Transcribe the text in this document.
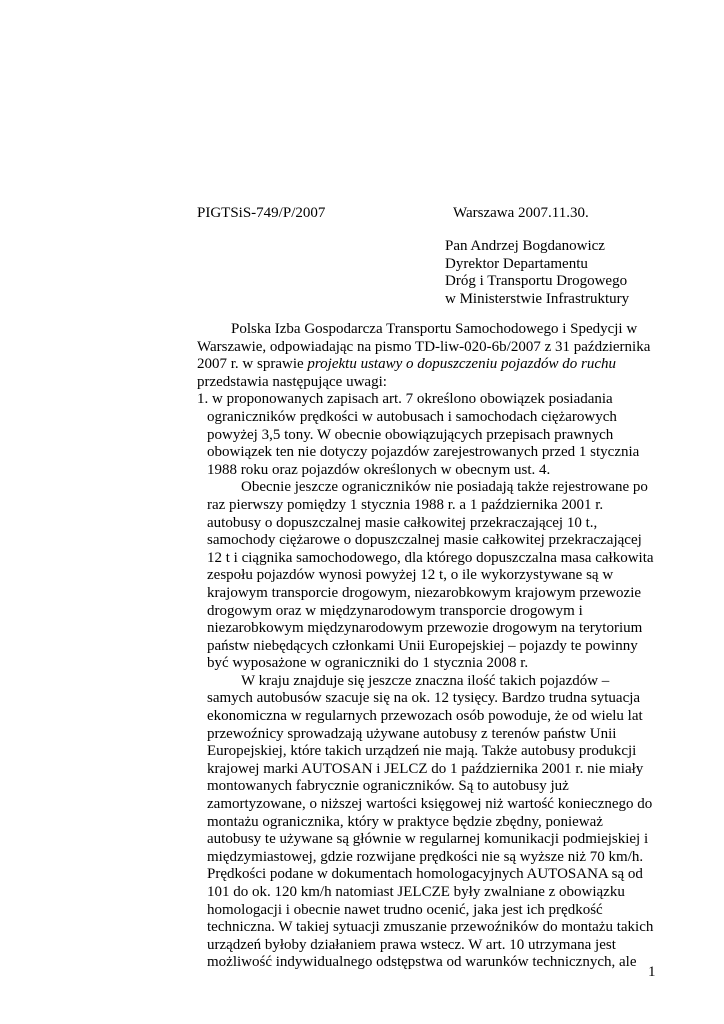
PIGTSiS-749/P/2007	Warszawa 2007.11.30.
Pan Andrzej Bogdanowicz
Dyrektor Departamentu
Dróg i Transportu Drogowego
w Ministerstwie Infrastruktury

Polska Izba Gospodarcza Transportu Samochodowego i Spedycji w Warszawie, odpowiadając na pismo TD-liw-020-6b/2007 z 31 października 2007 r. w sprawie projektu ustawy o dopuszczeniu pojazdów do ruchu

przedstawia następujące uwagi:

1. w proponowanych zapisach art. 7 określono obowiązek posiadania ograniczników prędkości w autobusach i samochodach ciężarowych powyżej 3,5 tony. W obecnie obowiązujących przepisach prawnych obowiązek ten nie dotyczy pojazdów zarejestrowanych przed 1 stycznia 1988 roku oraz pojazdów określonych w obecnym ust. 4.

Obecnie jeszcze ograniczników nie posiadają także rejestrowane po raz pierwszy pomiędzy 1 stycznia 1988 r. a 1 października 2001 r. autobusy o dopuszczalnej masie całkowitej przekraczającej 10 t., samochody ciężarowe o dopuszczalnej masie całkowitej przekraczającej 12 t i ciągnika samochodowego, dla którego dopuszczalna masa całkowita zespołu pojazdów wynosi powyżej 12 t, o ile wykorzystywane są w krajowym transporcie drogowym, niezarobkowym krajowym przewozie drogowym oraz w międzynarodowym transporcie drogowym i niezarobkowym międzynarodowym przewozie drogowym na terytorium państw niebędących członkami Unii Europejskiej – pojazdy te powinny być wyposażone w ograniczniki do 1 stycznia 2008 r.

W kraju znajduje się jeszcze znaczna ilość takich pojazdów – samych autobusów szacuje się na ok. 12 tysięcy. Bardzo trudna sytuacja ekonomiczna w regularnych przewozach osób powoduje, że od wielu lat przewoźnicy sprowadzają używane autobusy z terenów państw Unii Europejskiej, które takich urządzeń nie mają. Także autobusy produkcji krajowej marki AUTOSAN i JELCZ do 1 października 2001 r. nie miały montowanych fabrycznie ograniczników. Są to autobusy już zamortyzowane, o niższej wartości księgowej niż wartość koniecznego do montażu ogranicznika, który w praktyce będzie zbędny, ponieważ autobusy te używane są głównie w regularnej komunikacji podmiejskiej i międzymiastowej, gdzie rozwijane prędkości nie są wyższe niż 70 km/h. Prędkości podane w dokumentach homologacyjnych AUTOSANA są od 101 do ok. 120 km/h natomiast JELCZE były zwalniane z obowiązku homologacji i obecnie nawet trudno ocenić, jaka jest ich prędkość techniczna. W takiej sytuacji zmuszanie przewoźników do montażu takich urządzeń byłoby działaniem prawa wstecz. W art. 10 utrzymana jest możliwość indywidualnego odstępstwa od warunków technicznych, ale

1
